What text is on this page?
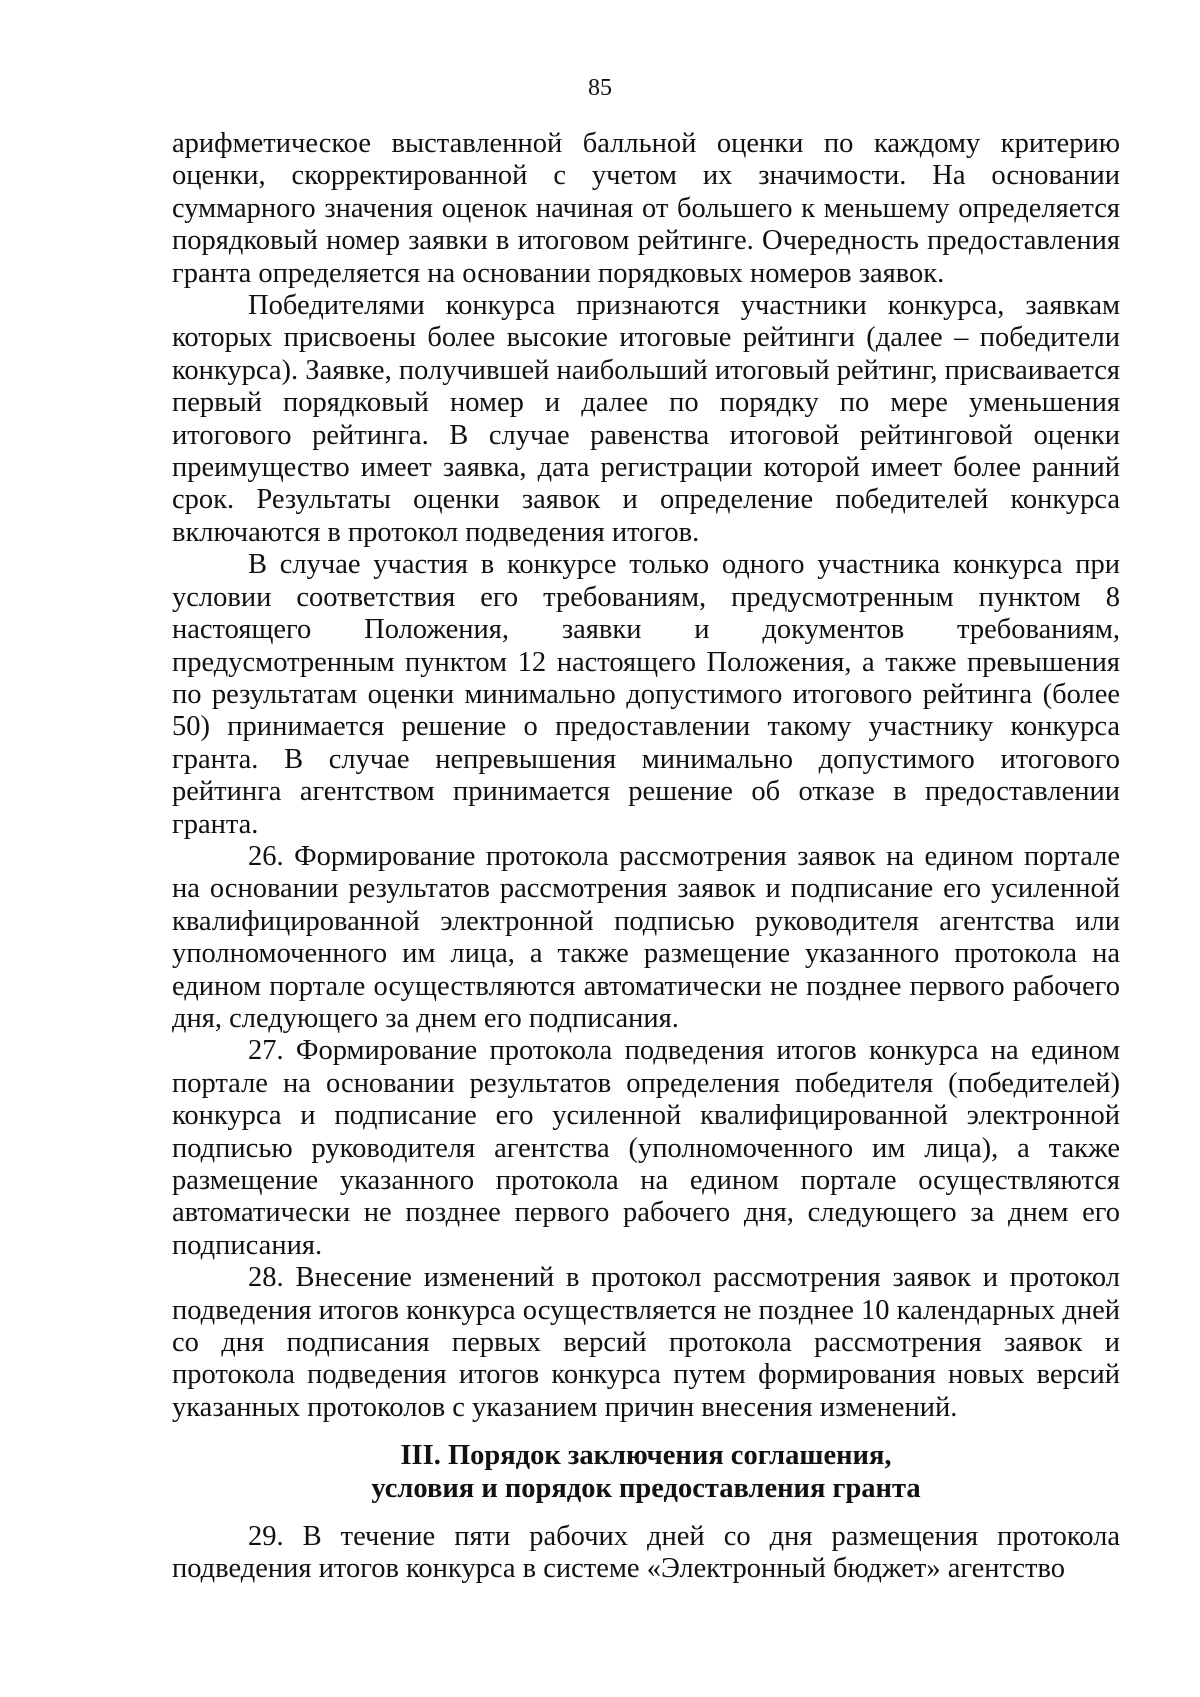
85

арифметическое выставленной балльной оценки по каждому критерию оценки, скорректированной с учетом их значимости. На основании суммарного значения оценок начиная от большего к меньшему определяется порядковый номер заявки в итоговом рейтинге. Очередность предоставления гранта определяется на основании порядковых номеров заявок.

Победителями конкурса признаются участники конкурса, заявкам которых присвоены более высокие итоговые рейтинги (далее – победители конкурса). Заявке, получившей наибольший итоговый рейтинг, присваивается первый порядковый номер и далее по порядку по мере уменьшения итогового рейтинга. В случае равенства итоговой рейтинговой оценки преимущество имеет заявка, дата регистрации которой имеет более ранний срок. Результаты оценки заявок и определение победителей конкурса включаются в протокол подведения итогов.

В случае участия в конкурсе только одного участника конкурса при условии соответствия его требованиям, предусмотренным пунктом 8 настоящего Положения, заявки и документов требованиям, предусмотренным пунктом 12 настоящего Положения, а также превышения по результатам оценки минимально допустимого итогового рейтинга (более 50) принимается решение о предоставлении такому участнику конкурса гранта. В случае непревышения минимально допустимого итогового рейтинга агентством принимается решение об отказе в предоставлении гранта.

26. Формирование протокола рассмотрения заявок на едином портале на основании результатов рассмотрения заявок и подписание его усиленной квалифицированной электронной подписью руководителя агентства или уполномоченного им лица, а также размещение указанного протокола на едином портале осуществляются автоматически не позднее первого рабочего дня, следующего за днем его подписания.

27. Формирование протокола подведения итогов конкурса на едином портале на основании результатов определения победителя (победителей) конкурса и подписание его усиленной квалифицированной электронной подписью руководителя агентства (уполномоченного им лица), а также размещение указанного протокола на едином портале осуществляются автоматически не позднее первого рабочего дня, следующего за днем его подписания.

28. Внесение изменений в протокол рассмотрения заявок и протокол подведения итогов конкурса осуществляется не позднее 10 календарных дней со дня подписания первых версий протокола рассмотрения заявок и протокола подведения итогов конкурса путем формирования новых версий указанных протоколов с указанием причин внесения изменений.

III. Порядок заключения соглашения,
условия и порядок предоставления гранта

29. В течение пяти рабочих дней со дня размещения протокола подведения итогов конкурса в системе «Электронный бюджет» агентство
